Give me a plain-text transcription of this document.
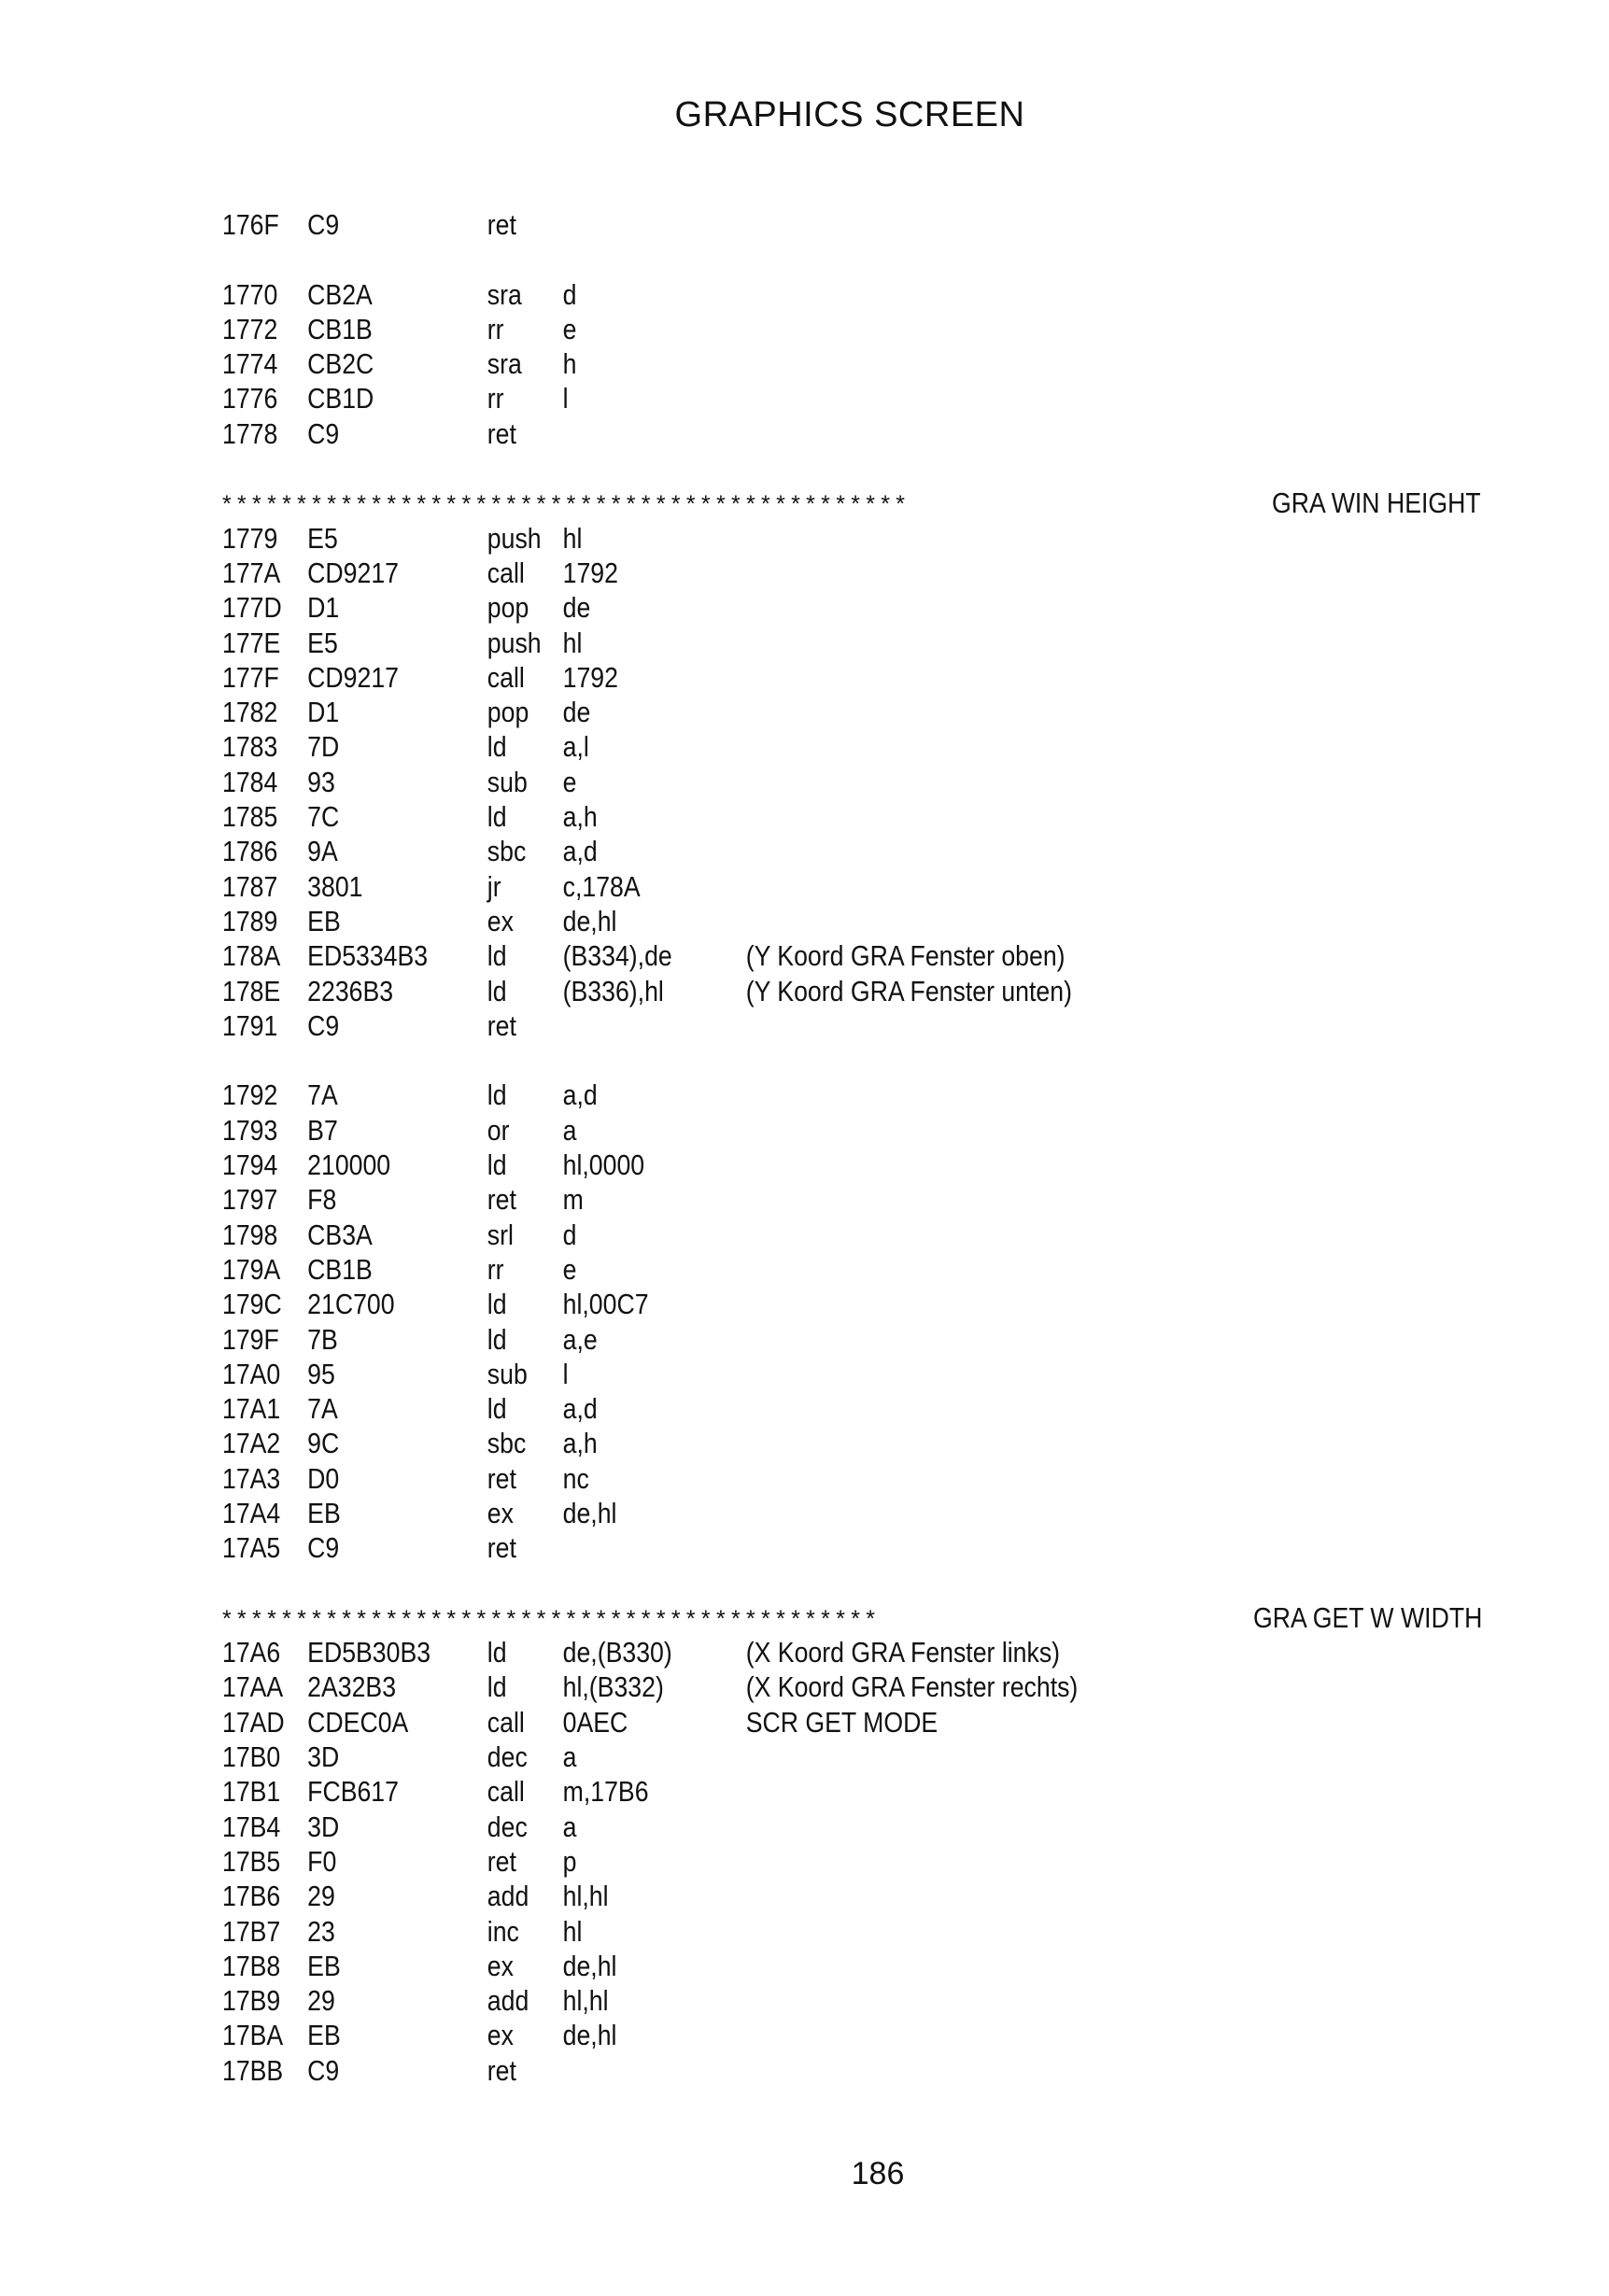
GRAPHICS SCREEN
176F C9	ret
1770 CB2A	sra d
1772 CB1B	rr e
1774 CB2C	sra h
1776 CB1D	rr l
1778 C9	ret
**********************************************	GRA WIN HEIGHT
1779 E5	push hl
177A CD9217	call 1792
177D D1	pop de
177E E5	push hl
177F CD9217	call 1792
1782 D1	pop de
1783 7D	ld a,l
1784 93	sub e
1785 7C	ld a,h
1786 9A	sbc a,d
1787 3801	jr c,178A
1789 EB	ex de,hl
178A ED5334B3 ld (B334),de	(Y Koord GRA Fenster oben)
178E 2236B3	ld (B336),hl	(Y Koord GRA Fenster unten)
1791 C9	ret
1792 7A	ld a,d
1793 B7	or a
1794 210000	ld hl,0000
1797 F8	ret m
1798 CB3A	srl d
179A CB1B	rr e
179C 21C700	ld hl,00C7
179F 7B	ld a,e
17A0 95	sub l
17A1 7A	ld a,d
17A2 9C	sbc a,h
17A3 D0	ret nc
17A4 EB	ex de,hl
17A5 C9	ret
********************************************	GRA GET W WIDTH
17A6 ED5B30B3 ld de,(B330)	(X Koord GRA Fenster links)
17AA 2A32B3	ld hl,(B332)	(X Koord GRA Fenster rechts)
17AD CDEC0A	call 0AEC	SCR GET MODE
17B0 3D	dec a
17B1 FCB617	call m,17B6
17B4 3D	dec a
17B5 F0	ret p
17B6 29	add hl,hl
17B7 23	inc hl
17B8 EB	ex de,hl
17B9 29	add hl,hl
17BA EB	ex de,hl
17BB C9	ret
186
